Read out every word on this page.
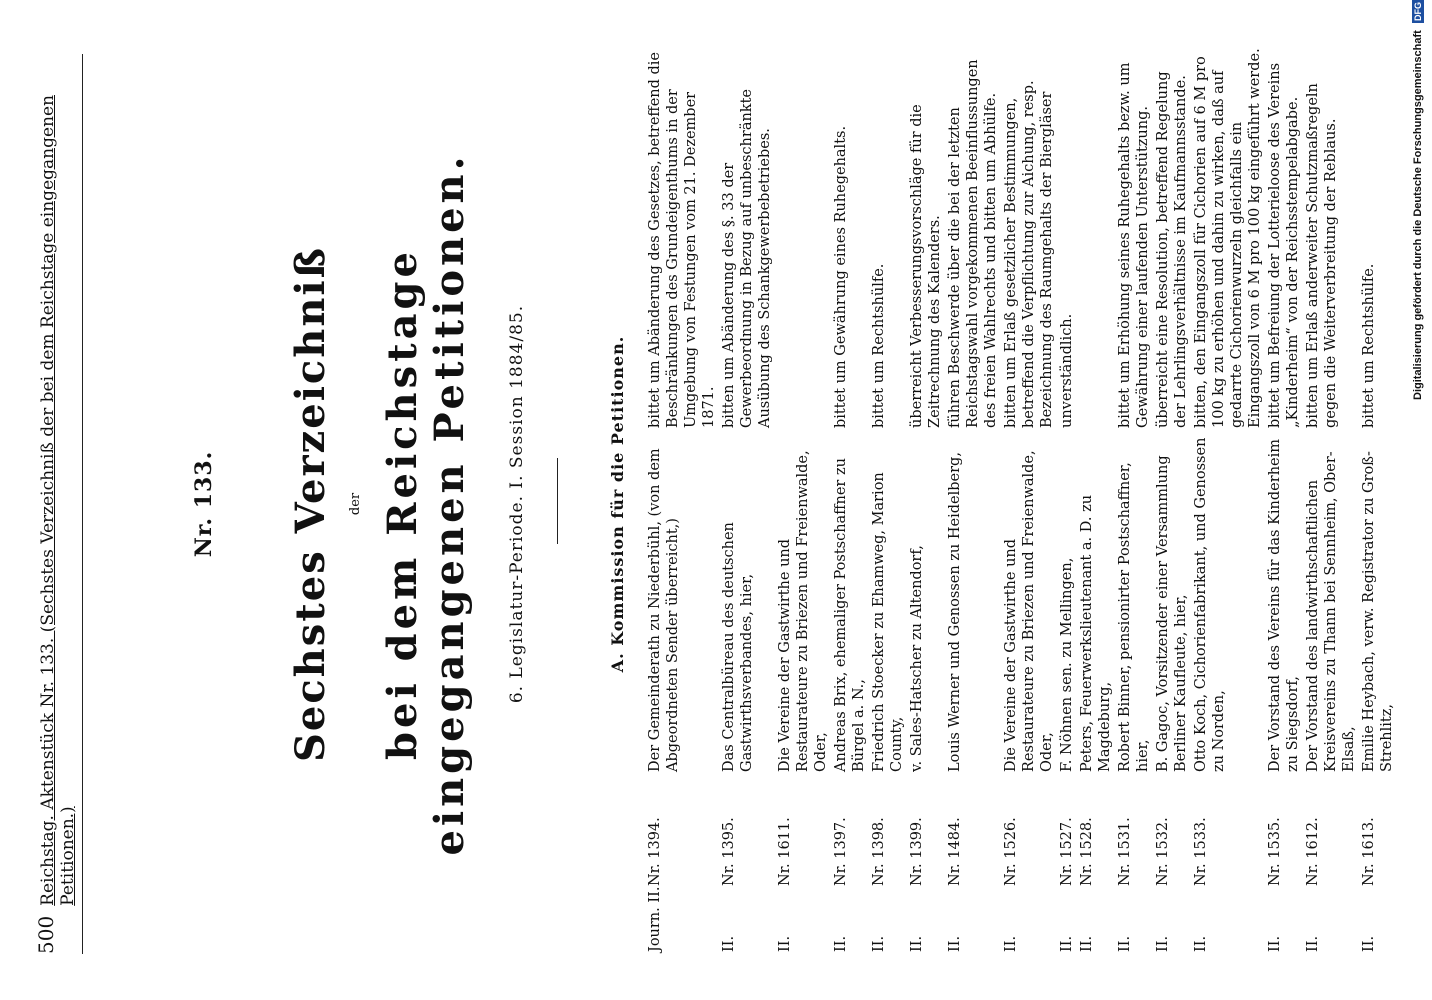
500
Reichstag. Aktenstück Nr. 133. (Sechstes Verzeichniß der bei dem Reichstage eingegangenen Petitionen.)
Nr. 133. Sechstes Verzeichniß der bei dem Reichstage eingegangenen Petitionen. 6. Legislatur-Periode. I. Session 1884/85.	A. Kommission für die Petitionen.
Journ. II.	Nr. 1394.	Der Gemeinderath zu Niederbühl, (von dem Abgeordneten Sender überreicht,)	bittet um Abänderung des Gesetzes, betreffend die Beschränkungen des Grundeigenthums in der Umgebung von Festungen vom 21. Dezember 1871.
II.	Nr. 1395.	Das Centralbüreau des deutschen Gastwirthsverbandes, hier,	bitten um Abänderung des §. 33 der Gewerbeordnung in Bezug auf unbeschränkte Ausübung des Schankgewerbebetriebes.
II.	Nr. 1611.	Die Vereine der Gastwirthe und Restaurateure zu Briezen und Freienwalde, Oder,	
II.	Nr. 1397.	Andreas Brix, ehemaliger Postschaffner zu Bürgel a. N.,	bittet um Gewährung eines Ruhegehalts.
II.	Nr. 1398.	Friedrich Stoecker zu Ehamweg, Marion County,	bittet um Rechtshülfe.
II.	Nr. 1399.	v. Sales-Hatscher zu Altendorf,	überreicht Verbesserungsvorschläge für die Zeitrechnung des Kalenders.
II.	Nr. 1484.	Louis Werner und Genossen zu Heidelberg,	führen Beschwerde über die bei der letzten Reichstagswahl vorgekommenen Beeinflussungen des freien Wahlrechts und bitten um Abhülfe.
II.	Nr. 1526.	Die Vereine der Gastwirthe und Restaurateure zu Briezen und Freienwalde, Oder,	bitten um Erlaß gesetzlicher Bestimmungen, betreffend die Verpflichtung zur Aichung, resp. Bezeichnung des Raumgehalts der Biergläser
II.	Nr. 1527.	F. Nöhnen sen. zu Mellingen,	unverständlich.
II.	Nr. 1528.	Peters, Feuerwerkslieutenant a. D. zu Magdeburg,	
II.	Nr. 1531.	Robert Binner, pensionirter Postschaffner, hier,	bittet um Erhöhung seines Ruhegehalts bezw. um Gewährung einer laufenden Unterstützung.
II.	Nr. 1532.	B. Gagoc, Vorsitzender einer Versammlung Berliner Kaufleute, hier,	überreicht eine Resolution, betreffend Regelung der Lehrlingsverhältnisse im Kaufmannsstande.
II.	Nr. 1533.	Otto Koch, Cichorienfabrikant, und Genossen zu Norden,	bitten, den Eingangszoll für Cichorien auf 6 M pro 100 kg zu erhöhen und dahin zu wirken, daß auf gedarrte Cichorienwurzeln gleichfalls ein Eingangszoll von 6 M pro 100 kg eingeführt werde.
II.	Nr. 1535.	Der Vorstand des Vereins für das Kinderheim zu Siegsdorf,	bittet um Befreiung der Lotterieloose des Vereins „Kinderheim“ von der Reichsstempelabgabe.
II.	Nr. 1612.	Der Vorstand des landwirthschaftlichen Kreisvereins zu Thann bei Sennheim, Ober-Elsaß,	bitten um Erlaß anderweiter Schutzmaßregeln gegen die Weiterverbreitung der Reblaus.
II.	Nr. 1613.	Emilie Heybach, verw. Registrator zu Groß-Strehlitz,	bittet um Rechtshülfe.	Digitalisierung gefördert durch die Deutsche Forschungsgemeinschaft DFG
